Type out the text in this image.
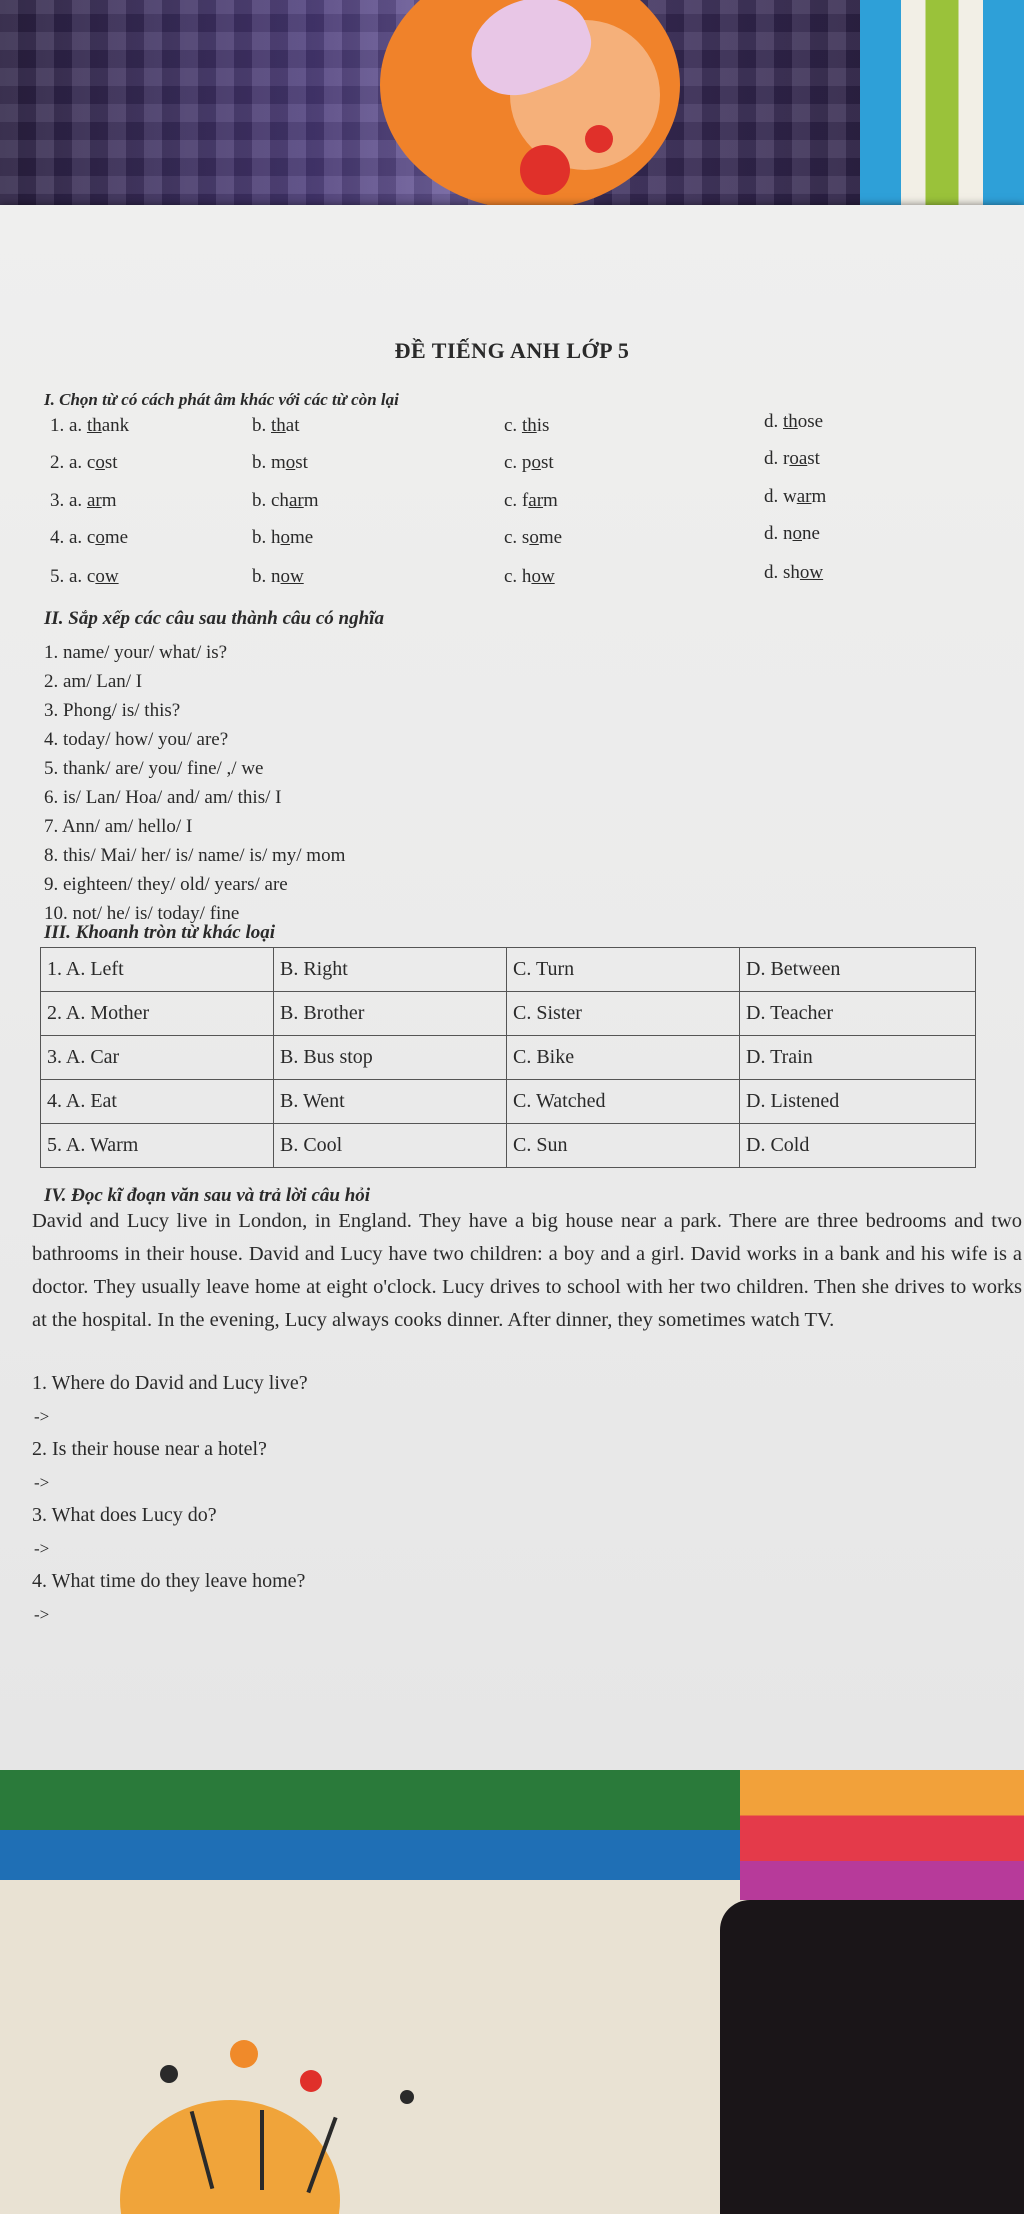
ĐỀ TIẾNG ANH LỚP 5
I. Chọn từ có cách phát âm khác với các từ còn lại
1. a. thank	b. that	c. this	d. those
2. a. cost	b. most	c. post	d. roast
3. a. arm	b. charm	c. farm	d. warm
4. a. come	b. home	c. some	d. none
5. a. cow	b. now	c. how	d. show
II. Sắp xếp các câu sau thành câu có nghĩa
1. name/ your/ what/ is?
2. am/ Lan/ I
3. Phong/ is/ this?
4. today/ how/ you/ are?
5. thank/ are/ you/ fine/ ,/ we
6. is/ Lan/ Hoa/ and/ am/ this/ I
7. Ann/ am/ hello/ I
8. this/ Mai/ her/ is/ name/ is/ my/ mom
9. eighteen/ they/ old/ years/ are
10. not/ he/ is/ today/ fine
III. Khoanh tròn từ khác loại
1. A. Left	B. Right	C. Turn	D. Between
2. A. Mother	B. Brother	C. Sister	D. Teacher
3. A. Car	B. Bus stop	C. Bike	D. Train
4. A. Eat	B. Went	C. Watched	D. Listened
5. A. Warm	B. Cool	C. Sun	D. Cold
IV. Đọc kĩ đoạn văn sau và trả lời câu hỏi
David and Lucy live in London, in England. They have a big house near a park. There are three bedrooms and two bathrooms in their house. David and Lucy have two children: a boy and a girl. David works in a bank and his wife is a doctor. They usually leave home at eight o'clock. Lucy drives to school with her two children. Then she drives to works at the hospital. In the evening, Lucy always cooks dinner. After dinner, they sometimes watch TV.
1. Where do David and Lucy live?
->
2. Is their house near a hotel?
->
3. What does Lucy do?
->
4. What time do they leave home?
->
